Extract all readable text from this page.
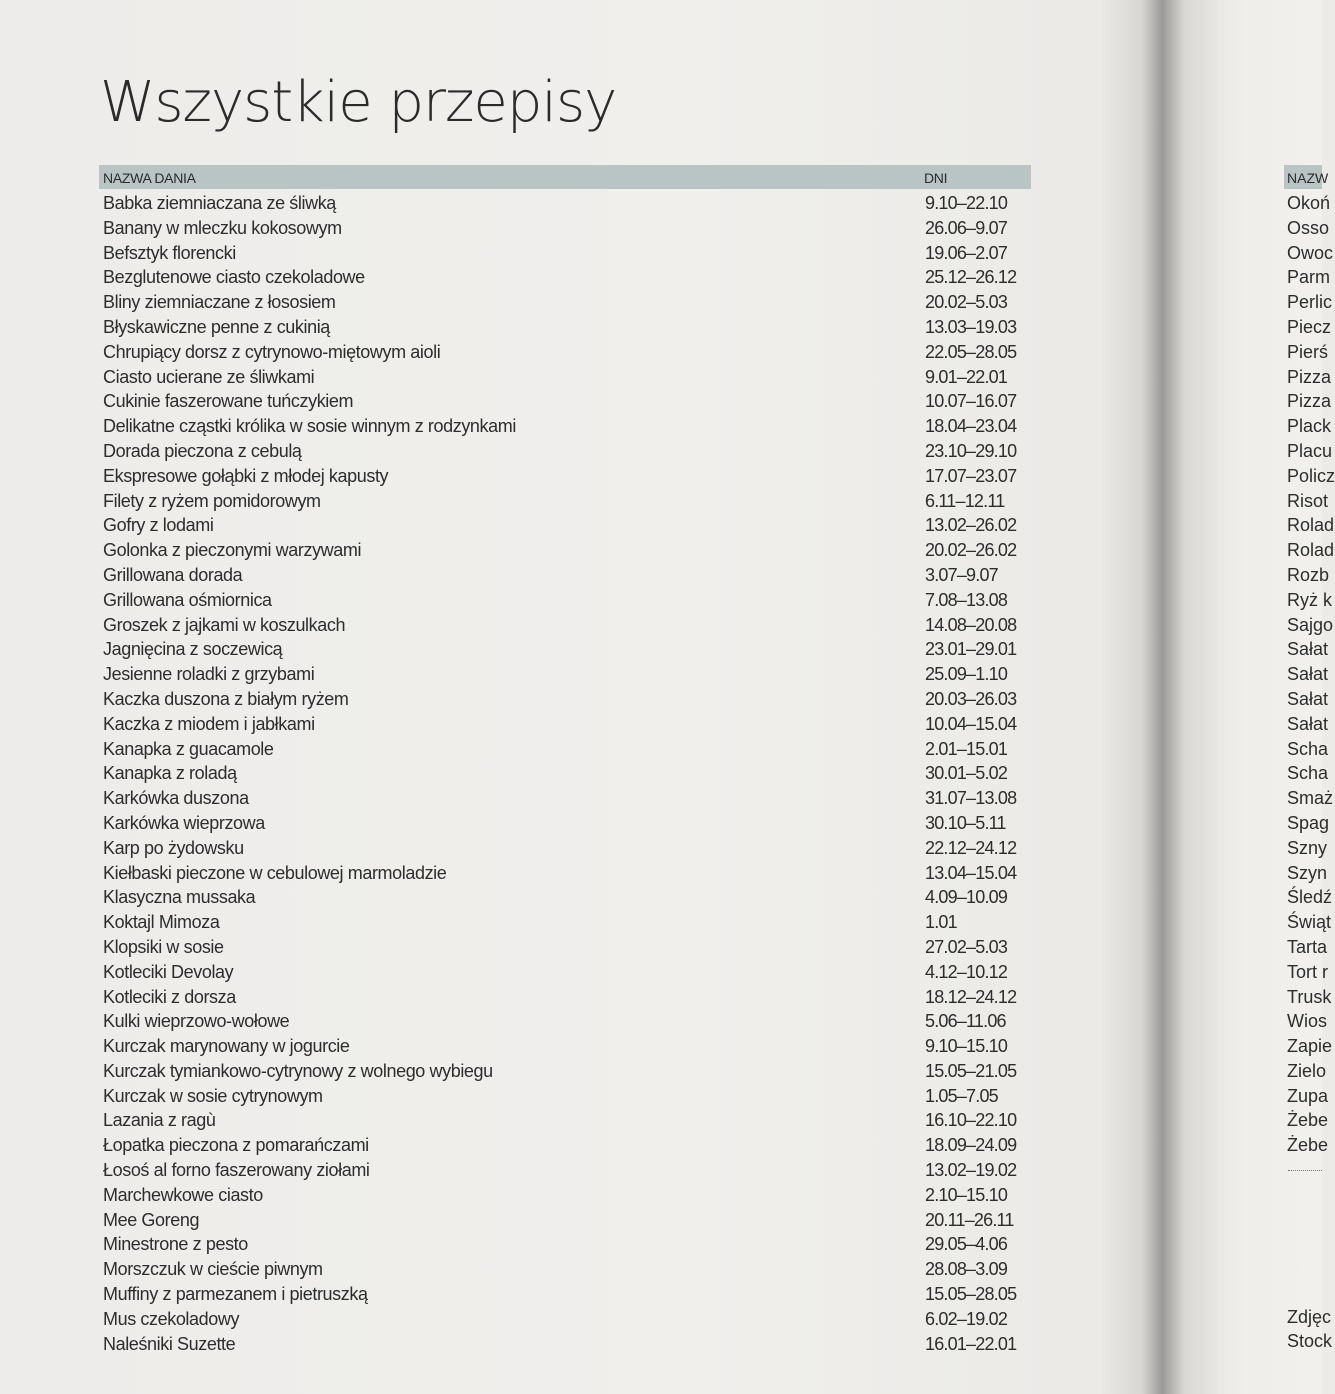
Wszystkie przepisy
NAZWA DANIA	DNI
Babka ziemniaczana ze śliwką	9.10–22.10
Banany w mleczku kokosowym	26.06–9.07
Befsztyk florencki	19.06–2.07
Bezglutenowe ciasto czekoladowe	25.12–26.12
Bliny ziemniaczane z łososiem	20.02–5.03
Błyskawiczne penne z cukinią	13.03–19.03
Chrupiący dorsz z cytrynowo-miętowym aioli	22.05–28.05
Ciasto ucierane ze śliwkami	9.01–22.01
Cukinie faszerowane tuńczykiem	10.07–16.07
Delikatne cząstki królika w sosie winnym z rodzynkami	18.04–23.04
Dorada pieczona z cebulą	23.10–29.10
Ekspresowe gołąbki z młodej kapusty	17.07–23.07
Filety z ryżem pomidorowym	6.11–12.11
Gofry z lodami	13.02–26.02
Golonka z pieczonymi warzywami	20.02–26.02
Grillowana dorada	3.07–9.07
Grillowana ośmiornica	7.08–13.08
Groszek z jajkami w koszulkach	14.08–20.08
Jagnięcina z soczewicą	23.01–29.01
Jesienne roladki z grzybami	25.09–1.10
Kaczka duszona z białym ryżem	20.03–26.03
Kaczka z miodem i jabłkami	10.04–15.04
Kanapka z guacamole	2.01–15.01
Kanapka z roladą	30.01–5.02
Karkówka duszona	31.07–13.08
Karkówka wieprzowa	30.10–5.11
Karp po żydowsku	22.12–24.12
Kiełbaski pieczone w cebulowej marmoladzie	13.04–15.04
Klasyczna mussaka	4.09–10.09
Koktajl Mimoza	1.01
Klopsiki w sosie	27.02–5.03
Kotleciki Devolay	4.12–10.12
Kotleciki z dorsza	18.12–24.12
Kulki wieprzowo-wołowe	5.06–11.06
Kurczak marynowany w jogurcie	9.10–15.10
Kurczak tymiankowo-cytrynowy z wolnego wybiegu	15.05–21.05
Kurczak w sosie cytrynowym	1.05–7.05
Lazania z ragù	16.10–22.10
Łopatka pieczona z pomarańczami	18.09–24.09
Łosoś al forno faszerowany ziołami	13.02–19.02
Marchewkowe ciasto	2.10–15.10
Mee Goreng	20.11–26.11
Minestrone z pesto	29.05–4.06
Morszczuk w cieście piwnym	28.08–3.09
Muffiny z parmezanem i pietruszką	15.05–28.05
Mus czekoladowy	6.02–19.02
Naleśniki Suzette	16.01–22.01
NAZW
Okoń
Osso
Owoc
Parm
Perlic
Piecz
Pierś
Pizza
Pizza
Plack
Placu
Policz
Risot
Rolad
Rolad
Rozb
Ryż k
Sajgo
Sałat
Sałat
Sałat
Sałat
Scha
Scha
Smaż
Spag
Szny
Szyn
Śledź
Świąt
Tarta
Tort r
Trusk
Wios
Zapie
Zielo
Zupa
Żebe
Żebe
Zdjęc
Stock
